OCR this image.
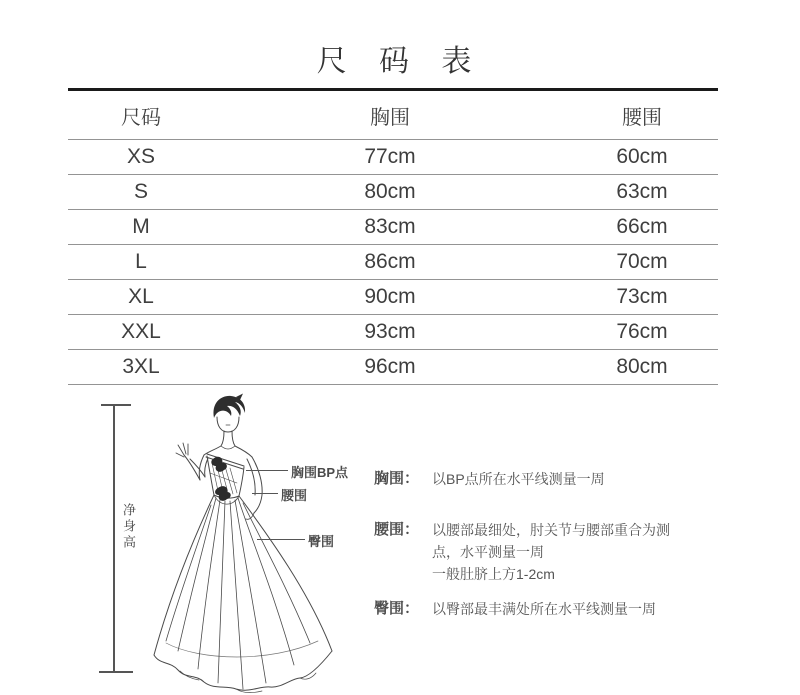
尺 码 表
尺码	胸围	腰围
XS	77cm	60cm
S	80cm	63cm
M	83cm	66cm
L	86cm	70cm
XL	90cm	73cm
XXL	93cm	76cm
3XL	96cm	80cm
净身高
胸围BP点
腰围
臀围
胸围： 以BP点所在水平线测量一周
腰围： 以腰部最细处，肘关节与腰部重合为测
点，水平测量一周
一般肚脐上方1-2cm
臀围： 以臀部最丰满处所在水平线测量一周
